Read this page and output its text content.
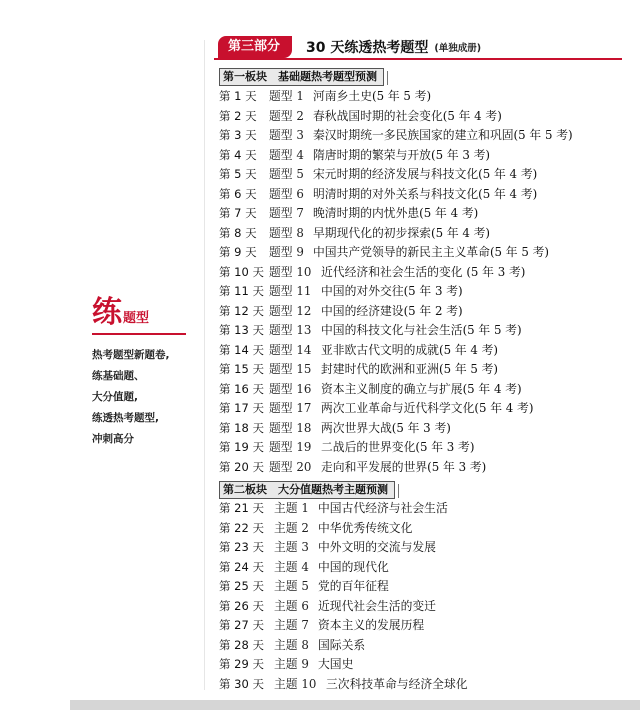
第三部分	30 天练透热考题型 (单独成册)
练题型
热考题型新题卷,
练基础题、
大分值题,
练透热考题型,
冲刺高分
第一板块　基础题热考题型预测
第 1 天 题型 1 河南乡土史(5 年 5 考)
第 2 天 题型 2 春秋战国时期的社会变化(5 年 4 考)
第 3 天 题型 3 秦汉时期统一多民族国家的建立和巩固(5 年 5 考)
第 4 天 题型 4 隋唐时期的繁荣与开放(5 年 3 考)
第 5 天 题型 5 宋元时期的经济发展与科技文化(5 年 4 考)
第 6 天 题型 6 明清时期的对外关系与科技文化(5 年 4 考)
第 7 天 题型 7 晚清时期的内忧外患(5 年 4 考)
第 8 天 题型 8 早期现代化的初步探索(5 年 4 考)
第 9 天 题型 9 中国共产党领导的新民主主义革命(5 年 5 考)
第 10 天 题型 10 近代经济和社会生活的变化 (5 年 3 考)
第 11 天 题型 11 中国的对外交往(5 年 3 考)
第 12 天 题型 12 中国的经济建设(5 年 2 考)
第 13 天 题型 13 中国的科技文化与社会生活(5 年 5 考)
第 14 天 题型 14 亚非欧古代文明的成就(5 年 4 考)
第 15 天 题型 15 封建时代的欧洲和亚洲(5 年 5 考)
第 16 天 题型 16 资本主义制度的确立与扩展(5 年 4 考)
第 17 天 题型 17 两次工业革命与近代科学文化(5 年 4 考)
第 18 天 题型 18 两次世界大战(5 年 3 考)
第 19 天 题型 19 二战后的世界变化(5 年 3 考)
第 20 天 题型 20 走向和平发展的世界(5 年 3 考)
第二板块　大分值题热考主题预测
第 21 天 主题 1 中国古代经济与社会生活
第 22 天 主题 2 中华优秀传统文化
第 23 天 主题 3 中外文明的交流与发展
第 24 天 主题 4 中国的现代化
第 25 天 主题 5 党的百年征程
第 26 天 主题 6 近现代社会生活的变迁
第 27 天 主题 7 资本主义的发展历程
第 28 天 主题 8 国际关系
第 29 天 主题 9 大国史
第 30 天 主题 10 三次科技革命与经济全球化
